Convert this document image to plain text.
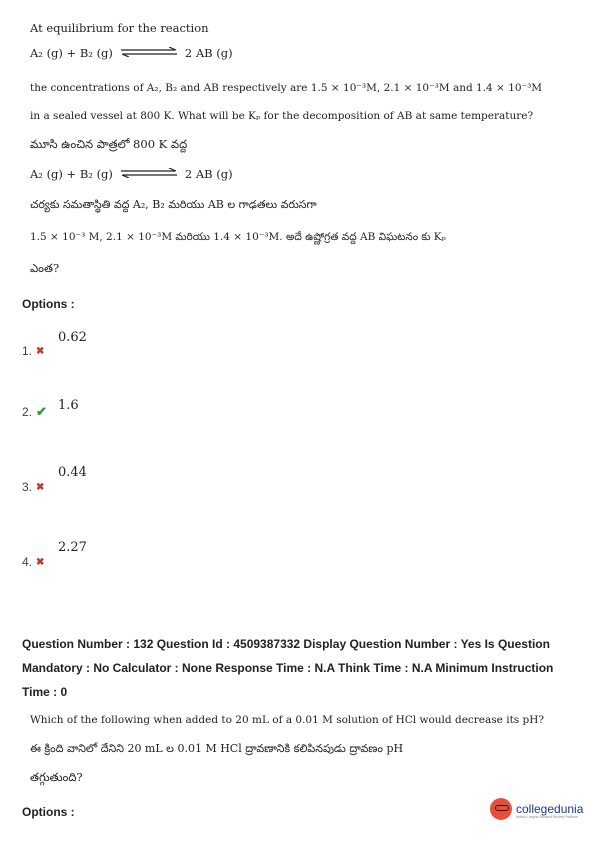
At equilibrium for the reaction
A₂ (g) + B₂ (g)	2 AB (g)
the concentrations of A₂, B₂ and AB respectively are 1.5 × 10⁻³M, 2.1 × 10⁻³M and 1.4 × 10⁻³M
in a sealed vessel at 800 K. What will be Kₚ for the decomposition of AB at same temperature?
మూసి ఉంచిన పాత్రలో 800 K వద్ద
A₂ (g) + B₂ (g)	2 AB (g)
చర్యకు సమతాస్థితి వద్ద A₂, B₂ మరియు AB ల గాఢతలు వరుసగా
1.5 × 10⁻³ M, 2.1 × 10⁻³M మరియు 1.4 × 10⁻³M. అదే ఉష్ణోగ్రత వద్ద AB విఘటనం కు Kₚ
ఎంత?
Options :
0.62
1. ✖
1.6
2. ✔
0.44
3. ✖
2.27
4. ✖
Question Number : 132 Question Id : 4509387332 Display Question Number : Yes Is Question
Mandatory : No Calculator : None Response Time : N.A Think Time : N.A Minimum Instruction
Time : 0
Which of the following when added to 20 mL of a 0.01 M solution of HCl would decrease its pH?
ఈ క్రింది వానిలో దేనిని 20 mL ల 0.01 M HCl ద్రావణానికి కలిపినపుడు ద్రావణం pH
తగ్గుతుంది?
Options :	collegedunia
India's Largest Student Review Platform
